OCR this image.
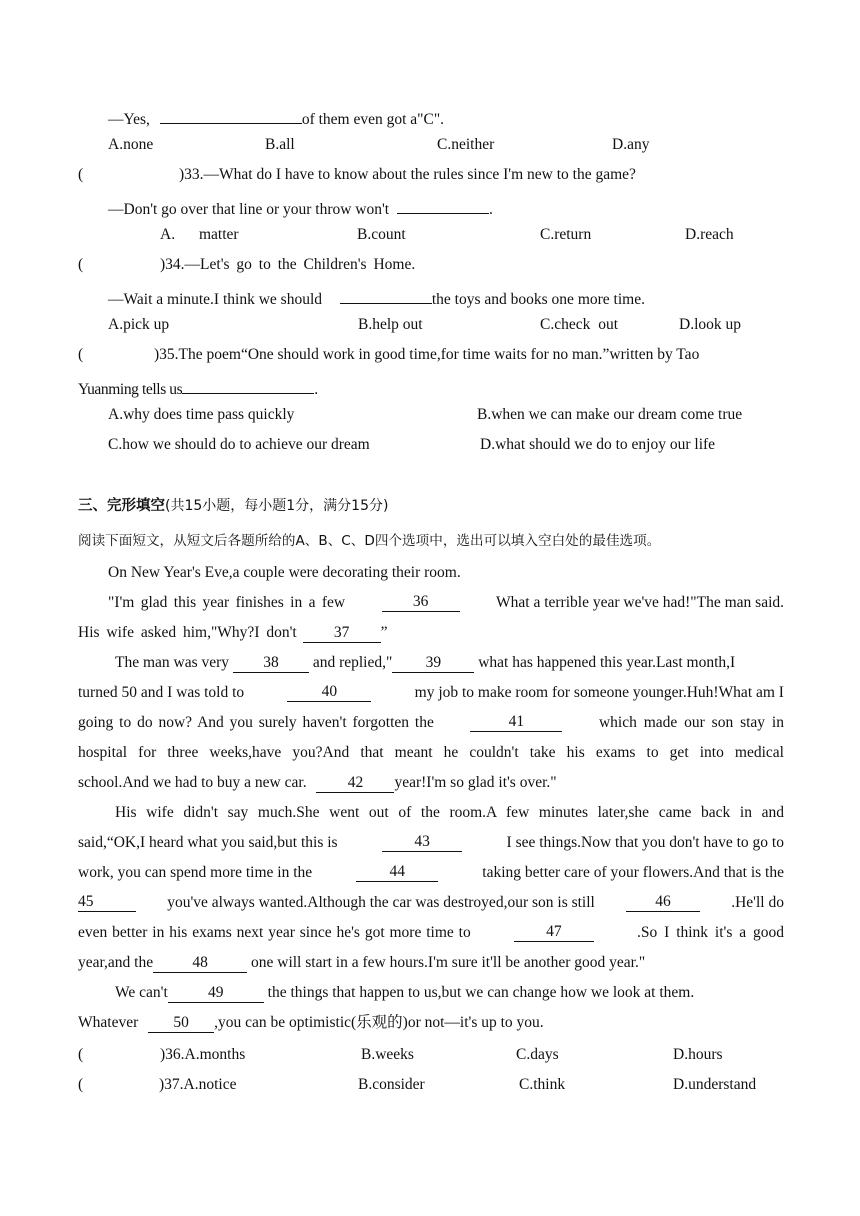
—Yes,	of them even got a"C".
A.none	B.all	C.neither	D.any
(	)33.—What do I have to know about the rules since I'm new to the game?
—Don't go over that line or your throw won't	.
A. matter	B.count	C.return	D.reach
(	)34.—Let's go to the Children's Home.
—Wait a minute.I think we should	the toys and books one more time.
A.pick up	B.help out	C.check out	D.look up
(	)35.The poem“One should work in good time,for time waits for no man.”written by Tao
Yuanming tells us	.
A.why does time pass quickly	B.when we can make our dream come true
C.how we should do to achieve our dream	D.what should we do to enjoy our life
三、完形填空(共15小题，每小题1分，满分15分)
阅读下面短文，从短文后各题所给的A、B、C、D四个选项中，选出可以填入空白处的最佳选项。
On New Year's Eve,a couple were decorating their room.
"I'm glad this year finishes in a few	36	What a terrible year we've had!"The man said.
His wife asked him,"Why?I don't 37 ”
The man was very 38 and replied," 39 what has happened this year.Last month,I
turned 50 and I was told to	40	my job to make room for someone younger.Huh!What am I
going to do now? And you surely haven't forgotten the	41	which made our son stay in
hospital for three weeks,have you?And that meant he couldn't take his exams to get into medical
school.And we had to buy a new car.	42 year!I'm so glad it's over."
His wife didn't say much.She went out of the room.A few minutes later,she came back in and
said,“OK,I heard what you said,but this is	43	I see things.Now that you don't have to go to
work, you can spend more time in the	44	taking better care of your flowers.And that is the
45	you've always wanted.Although the car was destroyed,our son is still	46	.He'll do
even better in his exams next year since he's got more time to	47	.So I think it's a good
year,and the	48	one will start in a few hours.I'm sure it'll be another good year."
We can't	49	the things that happen to us,but we can change how we look at them.
Whatever 50 ,you can be optimistic(乐观的)or not—it's up to you.
(	)36.A.months	B.weeks	C.days	D.hours
(	)37.A.notice	B.consider	C.think	D.understand
